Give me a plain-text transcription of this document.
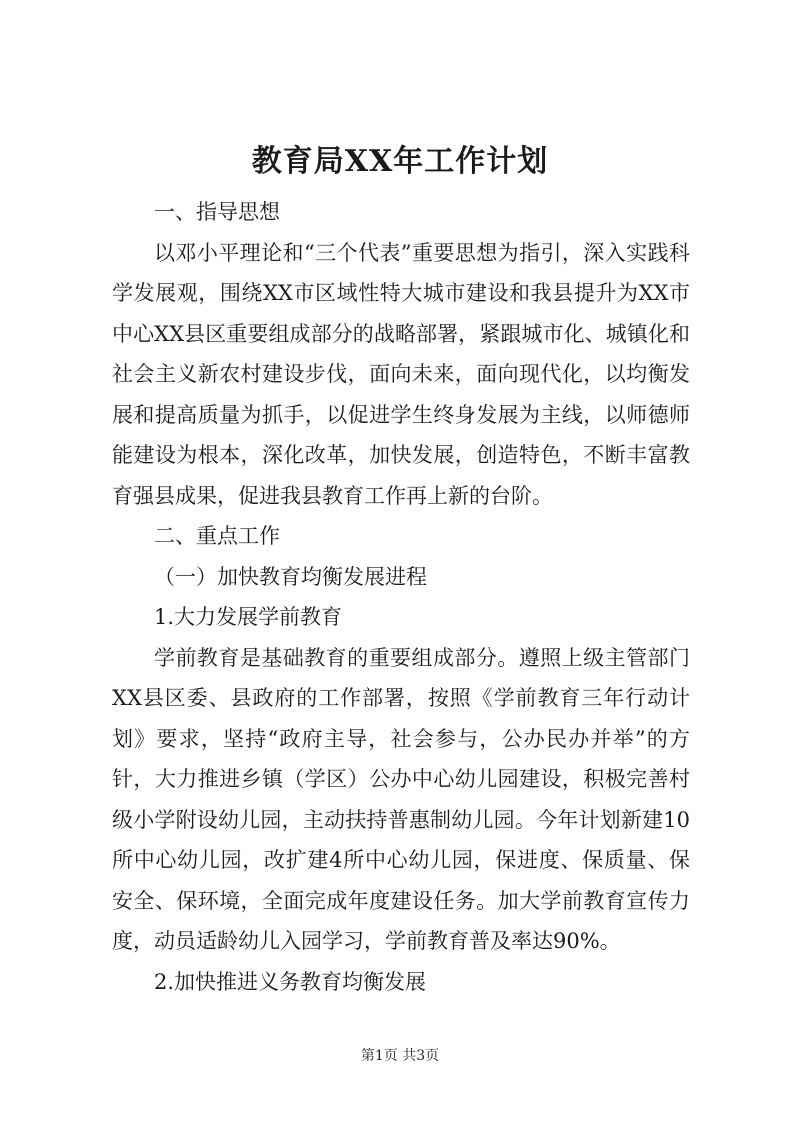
教育局XX年工作计划

一、指导思想

以邓小平理论和“三个代表”重要思想为指引，深入实践科学发展观，围绕XX市区域性特大城市建设和我县提升为XX市中心XX县区重要组成部分的战略部署，紧跟城市化、城镇化和社会主义新农村建设步伐，面向未来，面向现代化，以均衡发展和提高质量为抓手，以促进学生终身发展为主线，以师德师能建设为根本，深化改革，加快发展，创造特色，不断丰富教育强县成果，促进我县教育工作再上新的台阶。

二、重点工作

（一）加快教育均衡发展进程

1.大力发展学前教育

学前教育是基础教育的重要组成部分。遵照上级主管部门XX县区委、县政府的工作部署，按照《学前教育三年行动计划》要求，坚持“政府主导，社会参与，公办民办并举”的方针，大力推进乡镇（学区）公办中心幼儿园建设，积极完善村级小学附设幼儿园，主动扶持普惠制幼儿园。今年计划新建10所中心幼儿园，改扩建4所中心幼儿园，保进度、保质量、保安全、保环境，全面完成年度建设任务。加大学前教育宣传力度，动员适龄幼儿入园学习，学前教育普及率达90%。

2.加快推进义务教育均衡发展

第1页 共3页
